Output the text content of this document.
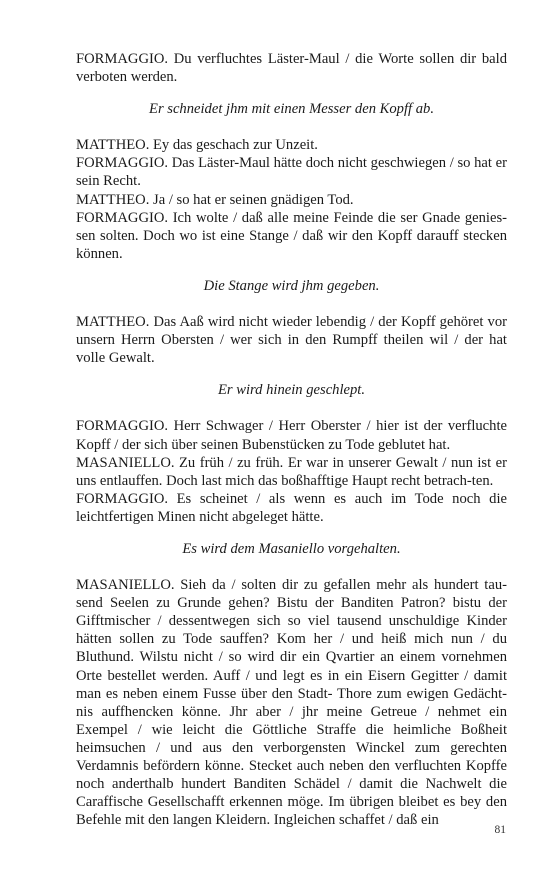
FORMAGGIO. Du verfluchtes Läster-Maul / die Worte sollen dir bald verboten werden.

Er schneidet jhm mit einen Messer den Kopff ab.

MATTHEO. Ey das geschach zur Unzeit.

FORMAGGIO. Das Läster-Maul hätte doch nicht geschwiegen / so hat er sein Recht.

MATTHEO. Ja / so hat er seinen gnädigen Tod.

FORMAGGIO. Ich wolte / daß alle meine Feinde die ser Gnade genies-sen solten. Doch wo ist eine Stange / daß wir den Kopff darauff stecken können.

Die Stange wird jhm gegeben.

MATTHEO. Das Aaß wird nicht wieder lebendig / der Kopff gehöret vor unsern Herrn Obersten / wer sich in den Rumpff theilen wil / der hat volle Gewalt.

Er wird hinein geschlept.

FORMAGGIO. Herr Schwager / Herr Oberster / hier ist der verfluchte Kopff / der sich über seinen Bubenstücken zu Tode geblutet hat.

MASANIELLO. Zu früh / zu früh. Er war in unserer Gewalt / nun ist er uns entlauffen. Doch last mich das boßhafftige Haupt recht betrach-ten.

FORMAGGIO. Es scheinet / als wenn es auch im Tode noch die leichtfertigen Minen nicht abgeleget hätte.

Es wird dem Masaniello vorgehalten.

MASANIELLO. Sieh da / solten dir zu gefallen mehr als hundert tau-send Seelen zu Grunde gehen? Bistu der Banditen Patron? bistu der Gifftmischer / dessentwegen sich so viel tausend unschuldige Kinder hätten sollen zu Tode sauffen? Kom her / und heiß mich nun / du Bluthund. Wilstu nicht / so wird dir ein Qvartier an einem vornehmen Orte bestellet werden. Auff / und legt es in ein Eisern Gegitter / damit man es neben einem Fusse über den Stadt- Thore zum ewigen Gedächt-nis auffhencken könne. Jhr aber / jhr meine Getreue / nehmet ein Exempel / wie leicht die Göttliche Straffe die heimliche Boßheit heimsuchen / und aus den verborgensten Winckel zum gerechten Verdamnis befördern könne. Stecket auch neben den verfluchten Kopffe noch anderthalb hundert Banditen Schädel / damit die Nachwelt die Caraffische Gesellschafft erkennen möge. Im übrigen bleibet es bey den Befehle mit den langen Kleidern. Ingleichen schaffet / daß ein

81
